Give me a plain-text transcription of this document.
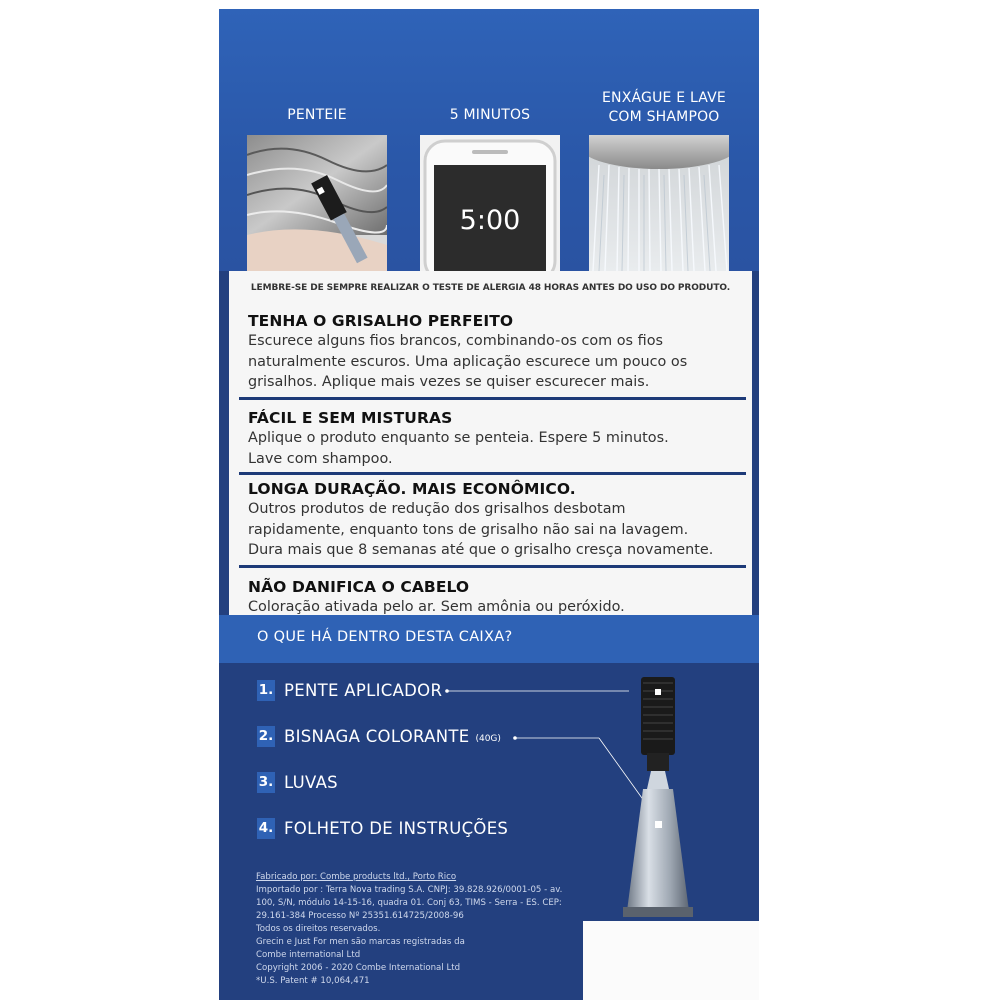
PENTEIE	5 MINUTOS
ENXÁGUE E LAVE
COM SHAMPOO
5:00
LEMBRE-SE DE SEMPRE REALIZAR O TESTE DE ALERGIA 48 HORAS ANTES DO USO DO PRODUTO.
TENHA O GRISALHO PERFEITO

Escurece alguns fios brancos, combinando-os com os fios

naturalmente escuros. Uma aplicação escurece um pouco os

grisalhos. Aplique mais vezes se quiser escurecer mais.

FÁCIL E SEM MISTURAS

Aplique o produto enquanto se penteia. Espere 5 minutos.

Lave com shampoo.

LONGA DURAÇÃO. MAIS ECONÔMICO.

Outros produtos de redução dos grisalhos desbotam

rapidamente, enquanto tons de grisalho não sai na lavagem.

Dura mais que 8 semanas até que o grisalho cresça novamente.

NÃO DANIFICA O CABELO

Coloração ativada pelo ar. Sem amônia ou peróxido.

O QUE HÁ DENTRO DESTA CAIXA?
1. PENTE APLICADOR
2. BISNAGA COLORANTE (40G)
3. LUVAS
4. FOLHETO DE INSTRUÇÕES
Fabricado por: Combe products ltd., Porto Rico
Importado por : Terra Nova trading S.A. CNPJ: 39.828.926/0001-05 - av.
100, S/N, módulo 14-15-16, quadra 01. Conj 63, TIMS - Serra - ES. CEP:
29.161-384 Processo Nº 25351.614725/2008-96
Todos os direitos reservados.
Grecin e Just For men são marcas registradas da
Combe international Ltd
Copyright 2006 - 2020 Combe International Ltd
*U.S. Patent # 10,064,471
